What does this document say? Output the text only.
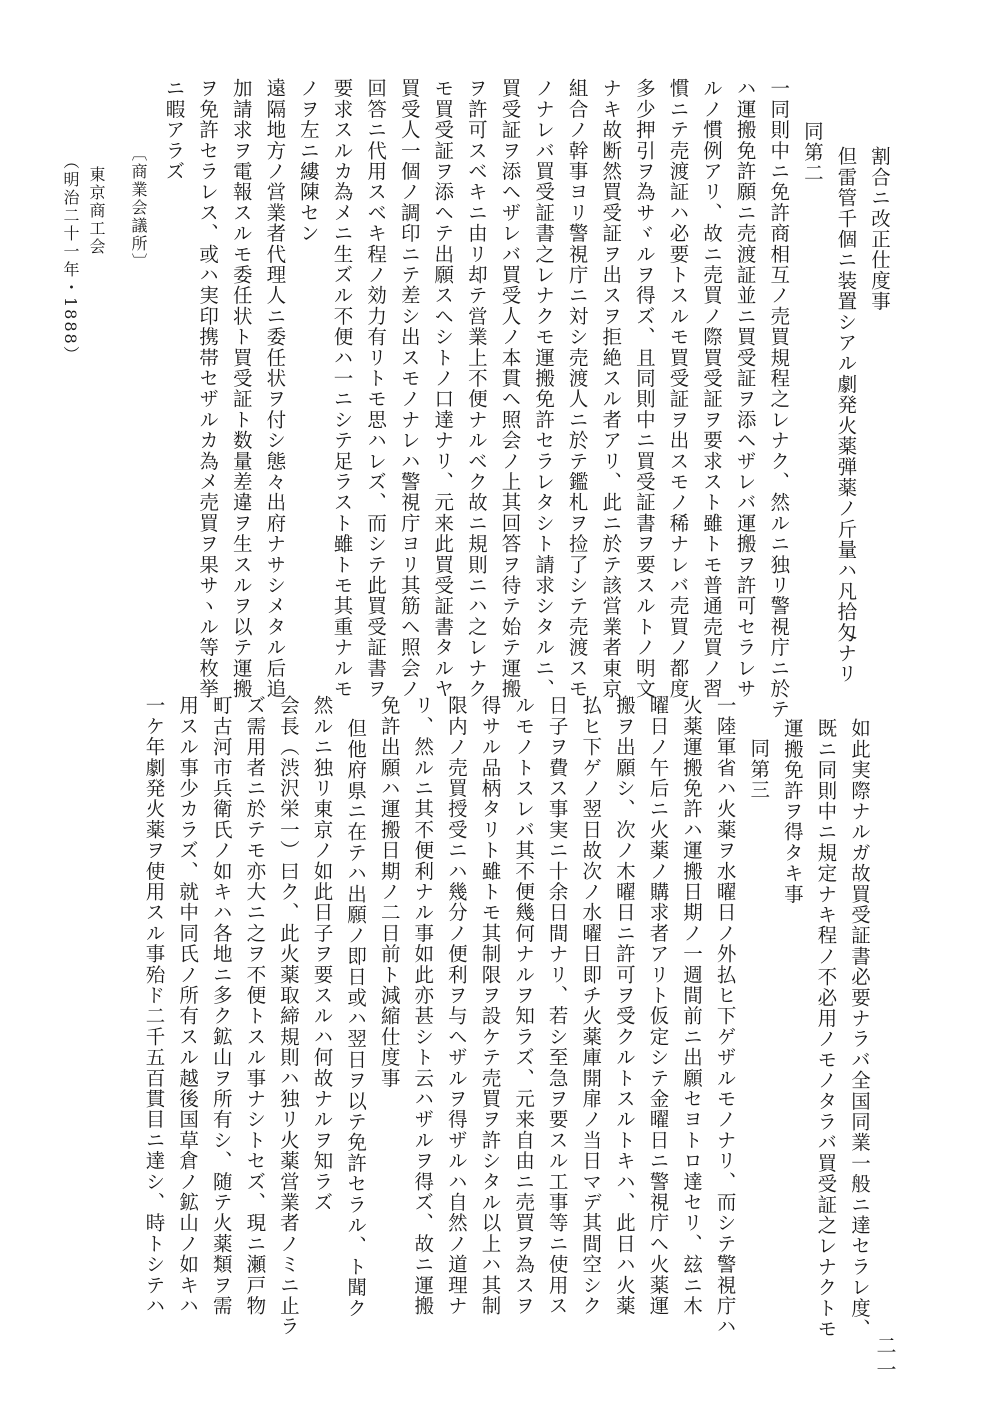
割合ニ改正仕度事
但雷管千個ニ装置シアル劇発火薬弾薬ノ斤量ハ凡拾匁ナリ
同第二
一同則中ニ免許商相互ノ売買規程之レナク、然ルニ独リ警視庁ニ於テ
ハ運搬免許願ニ売渡証並ニ買受証ヲ添ヘザレバ運搬ヲ許可セラレサ
ルノ慣例アリ、故ニ売買ノ際買受証ヲ要求スト雖トモ普通売買ノ習
慣ニテ売渡証ハ必要トスルモ買受証ヲ出スモノ稀ナレバ売買ノ都度
多少押引ヲ為サヾルヲ得ズ、且同則中ニ買受証書ヲ要スルトノ明文
ナキ故断然買受証ヲ出スヲ拒絶スル者アリ、此ニ於テ該営業者東京
組合ノ幹事ヨリ警視庁ニ対シ売渡人ニ於テ鑑札ヲ捡了シテ売渡スモ
ノナレバ買受証書之レナクモ運搬免許セラレタシト請求シタルニ、
買受証ヲ添ヘザレバ買受人ノ本貫ヘ照会ノ上其回答ヲ待テ始テ運搬
ヲ許可スベキニ由リ却テ営業上不便ナルベク故ニ規則ニハ之レナク
モ買受証ヲ添ヘテ出願スヘシトノ口達ナリ、元来此買受証書タルヤ
買受人一個ノ調印ニテ差シ出スモノナレハ警視庁ヨリ其筋ヘ照会ノ
回答ニ代用スベキ程ノ効力有リトモ思ハレズ、而シテ此買受証書ヲ
要求スルカ為メニ生ズル不便ハ一ニシテ足ラスト雖トモ其重ナルモ
ノヲ左ニ縷陳セン
遠隔地方ノ営業者代理人ニ委任状ヲ付シ態々出府ナサシメタル后追
加請求ヲ電報スルモ委任状ト買受証ト数量差違ヲ生スルヲ以テ運搬
ヲ免許セラレス、或ハ実印携帯セザルカ為メ売買ヲ果サヽル等枚挙
ニ暇アラズ
如此実際ナルガ故買受証書必要ナラバ全国同業一般ニ達セラレ度、
既ニ同則中ニ規定ナキ程ノ不必用ノモノタラバ買受証之レナクトモ
運搬免許ヲ得タキ事
同第三
一陸軍省ハ火薬ヲ水曜日ノ外払ヒ下ゲザルモノナリ、而シテ警視庁ハ
火薬運搬免許ハ運搬日期ノ一週間前ニ出願セヨトロ達セリ、玆ニ木
曜日ノ午后ニ火薬ノ購求者アリト仮定シテ金曜日ニ警視庁ヘ火薬運
搬ヲ出願シ、次ノ木曜日ニ許可ヲ受クルトスルトキハ、此日ハ火薬
払ヒ下ゲノ翌日故次ノ水曜日即チ火薬庫開扉ノ当日マデ其間空シク
日子ヲ費ス事実ニ十余日間ナリ、若シ至急ヲ要スル工事等ニ使用ス
ルモノトスレバ其不便幾何ナルヲ知ラズ、元来自由ニ売買ヲ為スヲ
得サル品柄タリト雖トモ其制限ヲ設ケテ売買ヲ許シタル以上ハ其制
限内ノ売買授受ニハ幾分ノ便利ヲ与ヘザルヲ得ザルハ自然ノ道理ナ
リ、然ルニ其不便利ナル事如此亦甚シト云ハザルヲ得ズ、故ニ運搬
免許出願ハ運搬日期ノ二日前ト減縮仕度事
但他府県ニ在テハ出願ノ即日或ハ翌日ヲ以テ免許セラル、ト聞ク
然ルニ独リ東京ノ如此日子ヲ要スルハ何故ナルヲ知ラズ
会長（渋沢栄一）曰ク、此火薬取締規則ハ独リ火薬営業者ノミニ止ラ
ズ需用者ニ於テモ亦大ニ之ヲ不便トスル事ナシトセズ、現ニ瀬戸物
町古河市兵衛氏ノ如キハ各地ニ多ク鉱山ヲ所有シ、随テ火薬類ヲ需
用スル事少カラズ、就中同氏ノ所有スル越後国草倉ノ鉱山ノ如キハ
一ケ年劇発火薬ヲ使用スル事殆ド二千五百貫目ニ達シ、時トシテハ
〔商業会議所〕
東京商工会
（明治二十一年・1888）
二一
